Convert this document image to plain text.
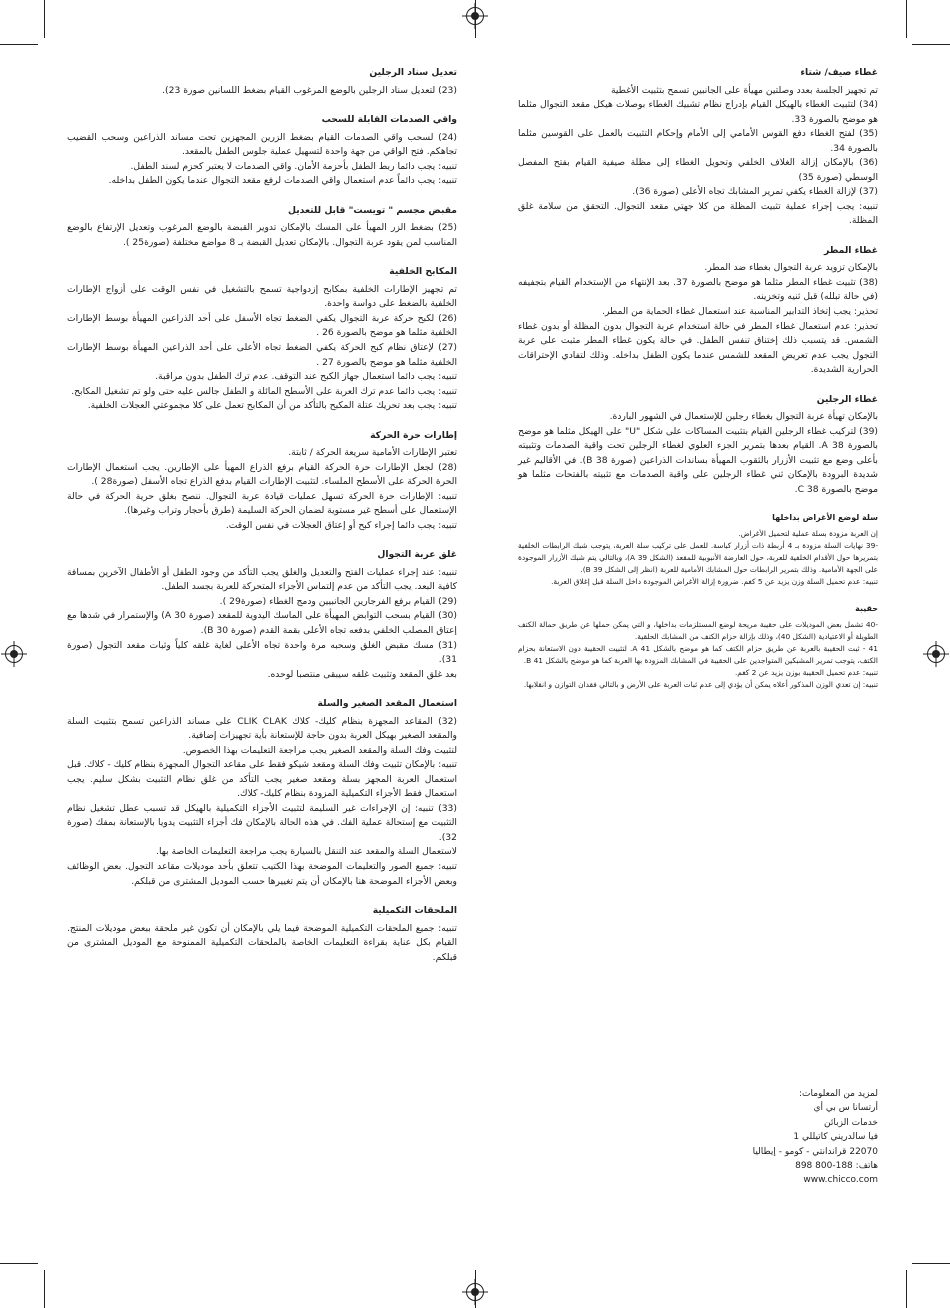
غطاء صيف/ شتاء

تم تجهيز الجلسة بعدد وصلتين مهيأة على الجانبين تسمح بتثبيت الأغطية

(34) لتثبيت الغطاء بالهيكل القيام بإدراج نظام تشبيك الغطاء بوصلات هيكل مقعد التجوال مثلما هو موضح بالصورة 33.

(35) لفتح الغطاء دفع القوس الأمامي إلى الأمام وإحكام التثبيت بالعمل على القوسين مثلما بالصورة 34.

(36) بالإمكان إزالة الغلاف الخلفي وتحويل الغطاء إلى مظلة صيفية القيام بفتح المفصل الوسطي (صورة 35)

(37) لإزالة الغطاء يكفي تمرير المشابك تجاه الأعلى (صورة 36).

تنبيه: يجب إجراء عملية تثبيت المظلة من كلا جهتي مقعد التجوال. التحقق من سلامة غلق المظلة.

غطاء المطر

بالإمكان تزويد عربة التجوال بغطاء ضد المطر.

(38) تثبيت غطاء المطر مثلما هو موضح بالصورة 37. بعد الإنتهاء من الإستخدام القيام بتجفيفه (في حالة تبلله) قبل ثنيه وتخزينه.

تحذير: يجب إتخاذ التدابير المناسبة عند استعمال غطاء الحماية من المطر.

تحذير: عدم استعمال غطاء المطر في حالة استخدام عربة التجوال بدون المظلة أو بدون غطاء الشمس. قد يتسبب ذلك إختناق تنفس الطفل. في حالة يكون غطاء المطر مثبت على عربة التجول يجب عدم تعريض المقعد للشمس عندما يكون الطفل بداخله. وذلك لتفادي الإحتراقات الحرارية الشديدة.

غطاء الرجلين

بالإمكان تهيأة عربة التجوال بغطاء رجلين للإستعمال في الشهور الباردة.

(39) لتركيب غطاء الرجلين القيام بتثبيت المساكات على شكل "U" على الهيكل مثلما هو موضح بالصورة 38 A. القيام بعدها بتمرير الجزء العلوي لغطاء الرجلين تحت واقية الصدمات وتثبيته بأعلى وضع مع تثبيت الأزرار بالثقوب المهيأة بساندات الذراعين (صورة 38 B). في الأقاليم غير شديدة البرودة بالإمكان ثني غطاء الرجلين على واقية الصدمات مع تثبيته بالفتحات مثلما هو موضح بالصورة 38 C.

سلة لوضع الأغراض بداخلها

إن العربة مزودة بسلة عملية لتحميل الأغراض.

-39 نهايات السلة مزودة بـ 4 أربطة ذات أزرار كباسة. للعمل على تركيب سلة العربة، يتوجب شبك الرابطات الخلفية بتمريرها حول الأقدام الخلفية للعربة، حول العارضة الأنبوبية للمقعد (الشكل 39 A)، وبالتالي يتم شبك الأزرار الموجودة على الجهة الأمامية. وذلك بتمرير الرابطات حول المشابك الأمامية للعربة (انظر إلى الشكل 39 B).

تنبيه: عدم تحميل السلة وزن يزيد عن 5 كغم. ضرورة إزالة الأغراض الموجودة داخل السلة قبل إغلاق العربة.

حقيبة

-40 تشمل بعض الموديلات على حقيبة مريحة لوضع المستلزمات بداخلها، و التي يمكن حملها عن طريق حمالة الكتف الطويلة أو الاعتيادية (الشكل 40)، وذلك بإزالة حزام الكتف من المشابك الحلقية.

41 - ثبت الحقيبة بالعربة عن طريق حزام الكتف كما هو موضح بالشكل 41 A. لتثبيت الحقيبة دون الاستعانة بحزام الكتف، يتوجب تمرير المشبكين المتواجدين على الحقيبة في المشابك المزودة بها العربة كما هو موضح بالشكل 41 B.

تنبيه: عدم تحميل الحقيبة بوزن يزيد عن 2 كغم.

تنبيه: إن تعدي الوزن المذكور أعلاه يمكن أن يؤدي إلى عدم ثبات العربة على الأرض و بالتالي فقدان التوازن و انقلابها.

تعديل سناد الرجلين

(23) لتعديل سناد الرجلين بالوضع المرغوب القيام بضغط اللسانين صورة 23).

واقي الصدمات القابلة للسحب

(24) لسحب واقي الصدمات القيام بضغط الزرين المجهزين تحت مساند الذراعين وسحب القضيب تجاهكم. فتح الواقي من جهة واحدة لتسهيل عملية جلوس الطفل بالمقعد.

تنبيه: يجب دائما ربط الطفل بأحزمة الأمان. واقي الصدمات لا يعتبر كحزم لسند الطفل.

تنبيه: يجب دائماً عدم استعمال واقي الصدمات لرفع مقعد التجوال عندما يكون الطفل بداخله.

مقبض مجسم " تويست" قابل للتعديل

(25) بضغط الزر المهيأ على المسك بالإمكان تدوير القبضة بالوضع المرغوب وتعديل الإرتفاع بالوضع المناسب لمن يقود عربة التجوال. بالإمكان تعديل القبضة بـ 8 مواضع مختلفة (صورة25 ).

المكابح الخلفية

تم تجهيز الإطارات الخلفية بمكابح إزدواجية تسمح بالتشغيل في نفس الوقت على أزواج الإطارات الخلفية بالضغط على دواسة واحدة.

(26) لكبح حركة عربة التجوال يكفي الضغط تجاه الأسفل على أحد الذراعين المهيأة بوسط الإطارات الخلفية مثلما هو موضح بالصورة 26 .

(27) لإعتاق نظام كبح الحركة يكفي الضغط تجاه الأعلى على أحد الذراعين المهيأة بوسط الإطارات الخلفية مثلما هو موضح بالصورة 27 .

تنبيه: يجب دائما استعمال جهاز الكبح عند التوقف. عدم ترك الطفل بدون مراقبة.

تنبيه: يجب دائما عدم ترك العربة على الأسطح المائلة و الطفل جالس عليه حتى ولو تم تشغيل المكابح.

تنبيه: يجب بعد تحريك عتلة المكبح بالتأكد من أن المكابح تعمل على كلا مجموعتي العجلات الخلفية.

إطارات حرة الحركة

تعتبر الإطارات الأمامية سريعة الحركة / ثابتة.

(28) لجعل الإطارات حرة الحركة القيام برفع الذراع المهيأ على الإطارين. يجب استعمال الإطارات الحرة الحركة على الأسطح الملساء. لتثبيت الإطارات القيام بدفع الذراع تجاه الأسفل (صورة28 ).

تنبيه: الإطارات حرة الحركة تسهل عمليات قيادة عربة التجوال. ننصح بغلق حرية الحركة في حالة الإستعمال على أسطح غير مستوية لضمان الحركة السليمة (طرق بأحجار وتراب وغيرها).

تنبيه: يجب دائما إجراء كبح أو إعتاق العجلات في نفس الوقت.

غلق عربة التجوال

تنبيه: عند إجراء عمليات الفتح والتعديل والغلق يجب التأكد من وجود الطفل أو الأطفال الآخرين بمسافة كافية البعد. يجب التأكد من عدم إلتماس الأجزاء المتحركة للعربة بجسد الطفل.

(29) القيام برفع الفرجارين الجانبيين ودمج الغطاء (صورة29 ).

(30) القيام بسحب التوابض المهيأة على الماسك اليدوية للمقعد (صورة 30 A) والإستمرار في شدها مع إعتاق المصلب الخلفي بدفعه تجاه الأعلى بقمة القدم (صورة 30 B).

(31) مسك مقبض الغلق وسحبه مرة واحدة تجاه الأعلى لغاية غلقه كلياً وثبات مقعد التجول (صورة 31).

بعد غلق المقعد وتثبيت غلقه سيبقى منتصبا لوحده.

استعمال المقعد الصغير والسلة

(32) المقاعد المجهزة بنظام كليك- كلاك CLIK CLAK على مساند الذراعين تسمح بتثبيت السلة والمقعد الصغير بهيكل العربة بدون حاجة للإستعانة بأية تجهيزات إضافية.

لتثبيت وفك السلة والمقعد الصغير يجب مراجعة التعليمات بهذا الخصوص.

تنبيه: بالإمكان تثبيت وفك السلة ومقعد شيكو فقط على مقاعد التجوال المجهزة بنظام كليك - كلاك. قبل استعمال العربة المجهز بسلة ومقعد صغير يجب التأكد من غلق نظام التثبيت بشكل سليم. يجب استعمال فقط الأجزاء التكميلية المزودة بنظام كليك- كلاك.

(33) تنبيه: إن الإجراءات غير السليمة لتثبيت الأجزاء التكميلية بالهيكل قد تسبب عطل تشغيل نظام التثبيت مع إستحالة عملية الفك. في هذه الحالة بالإمكان فك أجزاء التثبيت يدويا بالإستعانة بمفك (صورة 32).

لاستعمال السلة والمقعد عند التنقل بالسيارة يجب مراجعة التعليمات الخاصة بها.

تنبيه: جميع الصور والتعليمات الموضحة بهذا الكتيب تتعلق بأحد موديلات مقاعد التجول. بعض الوظائف وبعض الأجزاء الموضحة هنا بالإمكان أن يتم تغييرها حسب الموديل المشترى من قبلكم.

الملحقات التكميلية

تنبيه: جميع الملحقات التكميلية الموضحة فيما يلي بالإمكان أن تكون غير ملحقة ببعض موديلات المنتج. القيام بكل عناية بقراءة التعليمات الخاصة بالملحقات التكميلية الممنوحة مع الموديل المشترى من قبلكم.

لمزيد من المعلومات:

أرتسانا س بي أي

خدمات الزبائن

فيا سالدريني كاتيللي 1

22070 قراندانتي - كومو - إيطاليا

هاتف: 188-800 898

www.chicco.com
